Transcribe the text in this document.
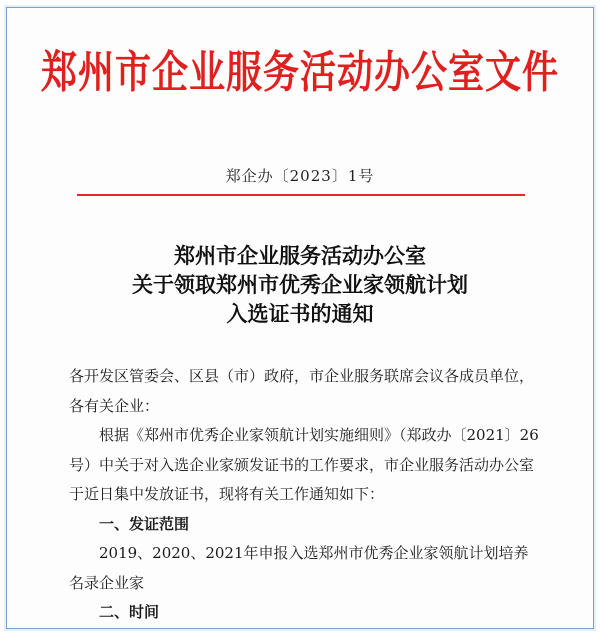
郑州市企业服务活动办公室文件
郑企办〔2023〕1号
郑州市企业服务活动办公室
关于领取郑州市优秀企业家领航计划
入选证书的通知

各开发区管委会、区县（市）政府，市企业服务联席会议各成员单位，各有关企业：

根据《郑州市优秀企业家领航计划实施细则》（郑政办〔2021〕26号）中关于对入选企业家颁发证书的工作要求，市企业服务活动办公室于近日集中发放证书，现将有关工作通知如下：

一、发证范围

2019、2020、2021年申报入选郑州市优秀企业家领航计划培养名录企业家

二、时间
